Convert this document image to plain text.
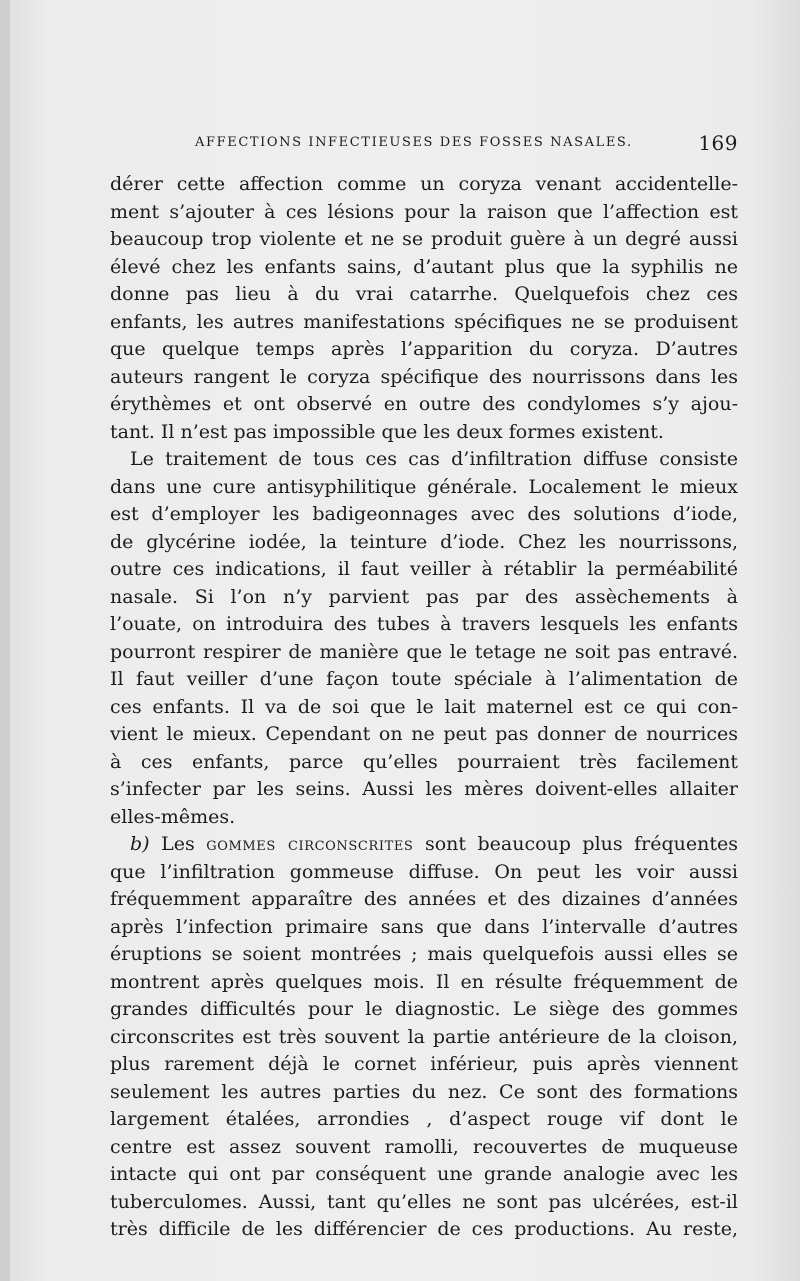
AFFECTIONS INFECTIEUSES DES FOSSES NASALES.	169
dérer cette affection comme un coryza venant accidentelle-
ment s’ajouter à ces lésions pour la raison que l’affection est
beaucoup trop violente et ne se produit guère à un degré aussi
élevé chez les enfants sains, d’autant plus que la syphilis ne
donne pas lieu à du vrai catarrhe. Quelquefois chez ces
enfants, les autres manifestations spécifiques ne se produisent
que quelque temps après l’apparition du coryza. D’autres
auteurs rangent le coryza spécifique des nourrissons dans les
érythèmes et ont observé en outre des condylomes s’y ajou-
tant. Il n’est pas impossible que les deux formes existent.
Le traitement de tous ces cas d’infiltration diffuse consiste
dans une cure antisyphilitique générale. Localement le mieux
est d’employer les badigeonnages avec des solutions d’iode,
de glycérine iodée, la teinture d’iode. Chez les nourrissons,
outre ces indications, il faut veiller à rétablir la perméabilité
nasale. Si l’on n’y parvient pas par des assèchements à
l’ouate, on introduira des tubes à travers lesquels les enfants
pourront respirer de manière que le tetage ne soit pas entravé.
Il faut veiller d’une façon toute spéciale à l’alimentation de
ces enfants. Il va de soi que le lait maternel est ce qui con-
vient le mieux. Cependant on ne peut pas donner de nourrices
à ces enfants, parce qu’elles pourraient très facilement
s’infecter par les seins. Aussi les mères doivent-elles allaiter
elles-mêmes.
b) Les gommes circonscrites sont beaucoup plus fréquentes
que l’infiltration gommeuse diffuse. On peut les voir aussi
fréquemment apparaître des années et des dizaines d’années
après l’infection primaire sans que dans l’intervalle d’autres
éruptions se soient montrées ; mais quelquefois aussi elles se
montrent après quelques mois. Il en résulte fréquemment de
grandes difficultés pour le diagnostic. Le siège des gommes
circonscrites est très souvent la partie antérieure de la cloison,
plus rarement déjà le cornet inférieur, puis après viennent
seulement les autres parties du nez. Ce sont des formations
largement étalées, arrondies , d’aspect rouge vif dont le
centre est assez souvent ramolli, recouvertes de muqueuse
intacte qui ont par conséquent une grande analogie avec les
tuberculomes. Aussi, tant qu’elles ne sont pas ulcérées, est-il
très difficile de les différencier de ces productions. Au reste,
